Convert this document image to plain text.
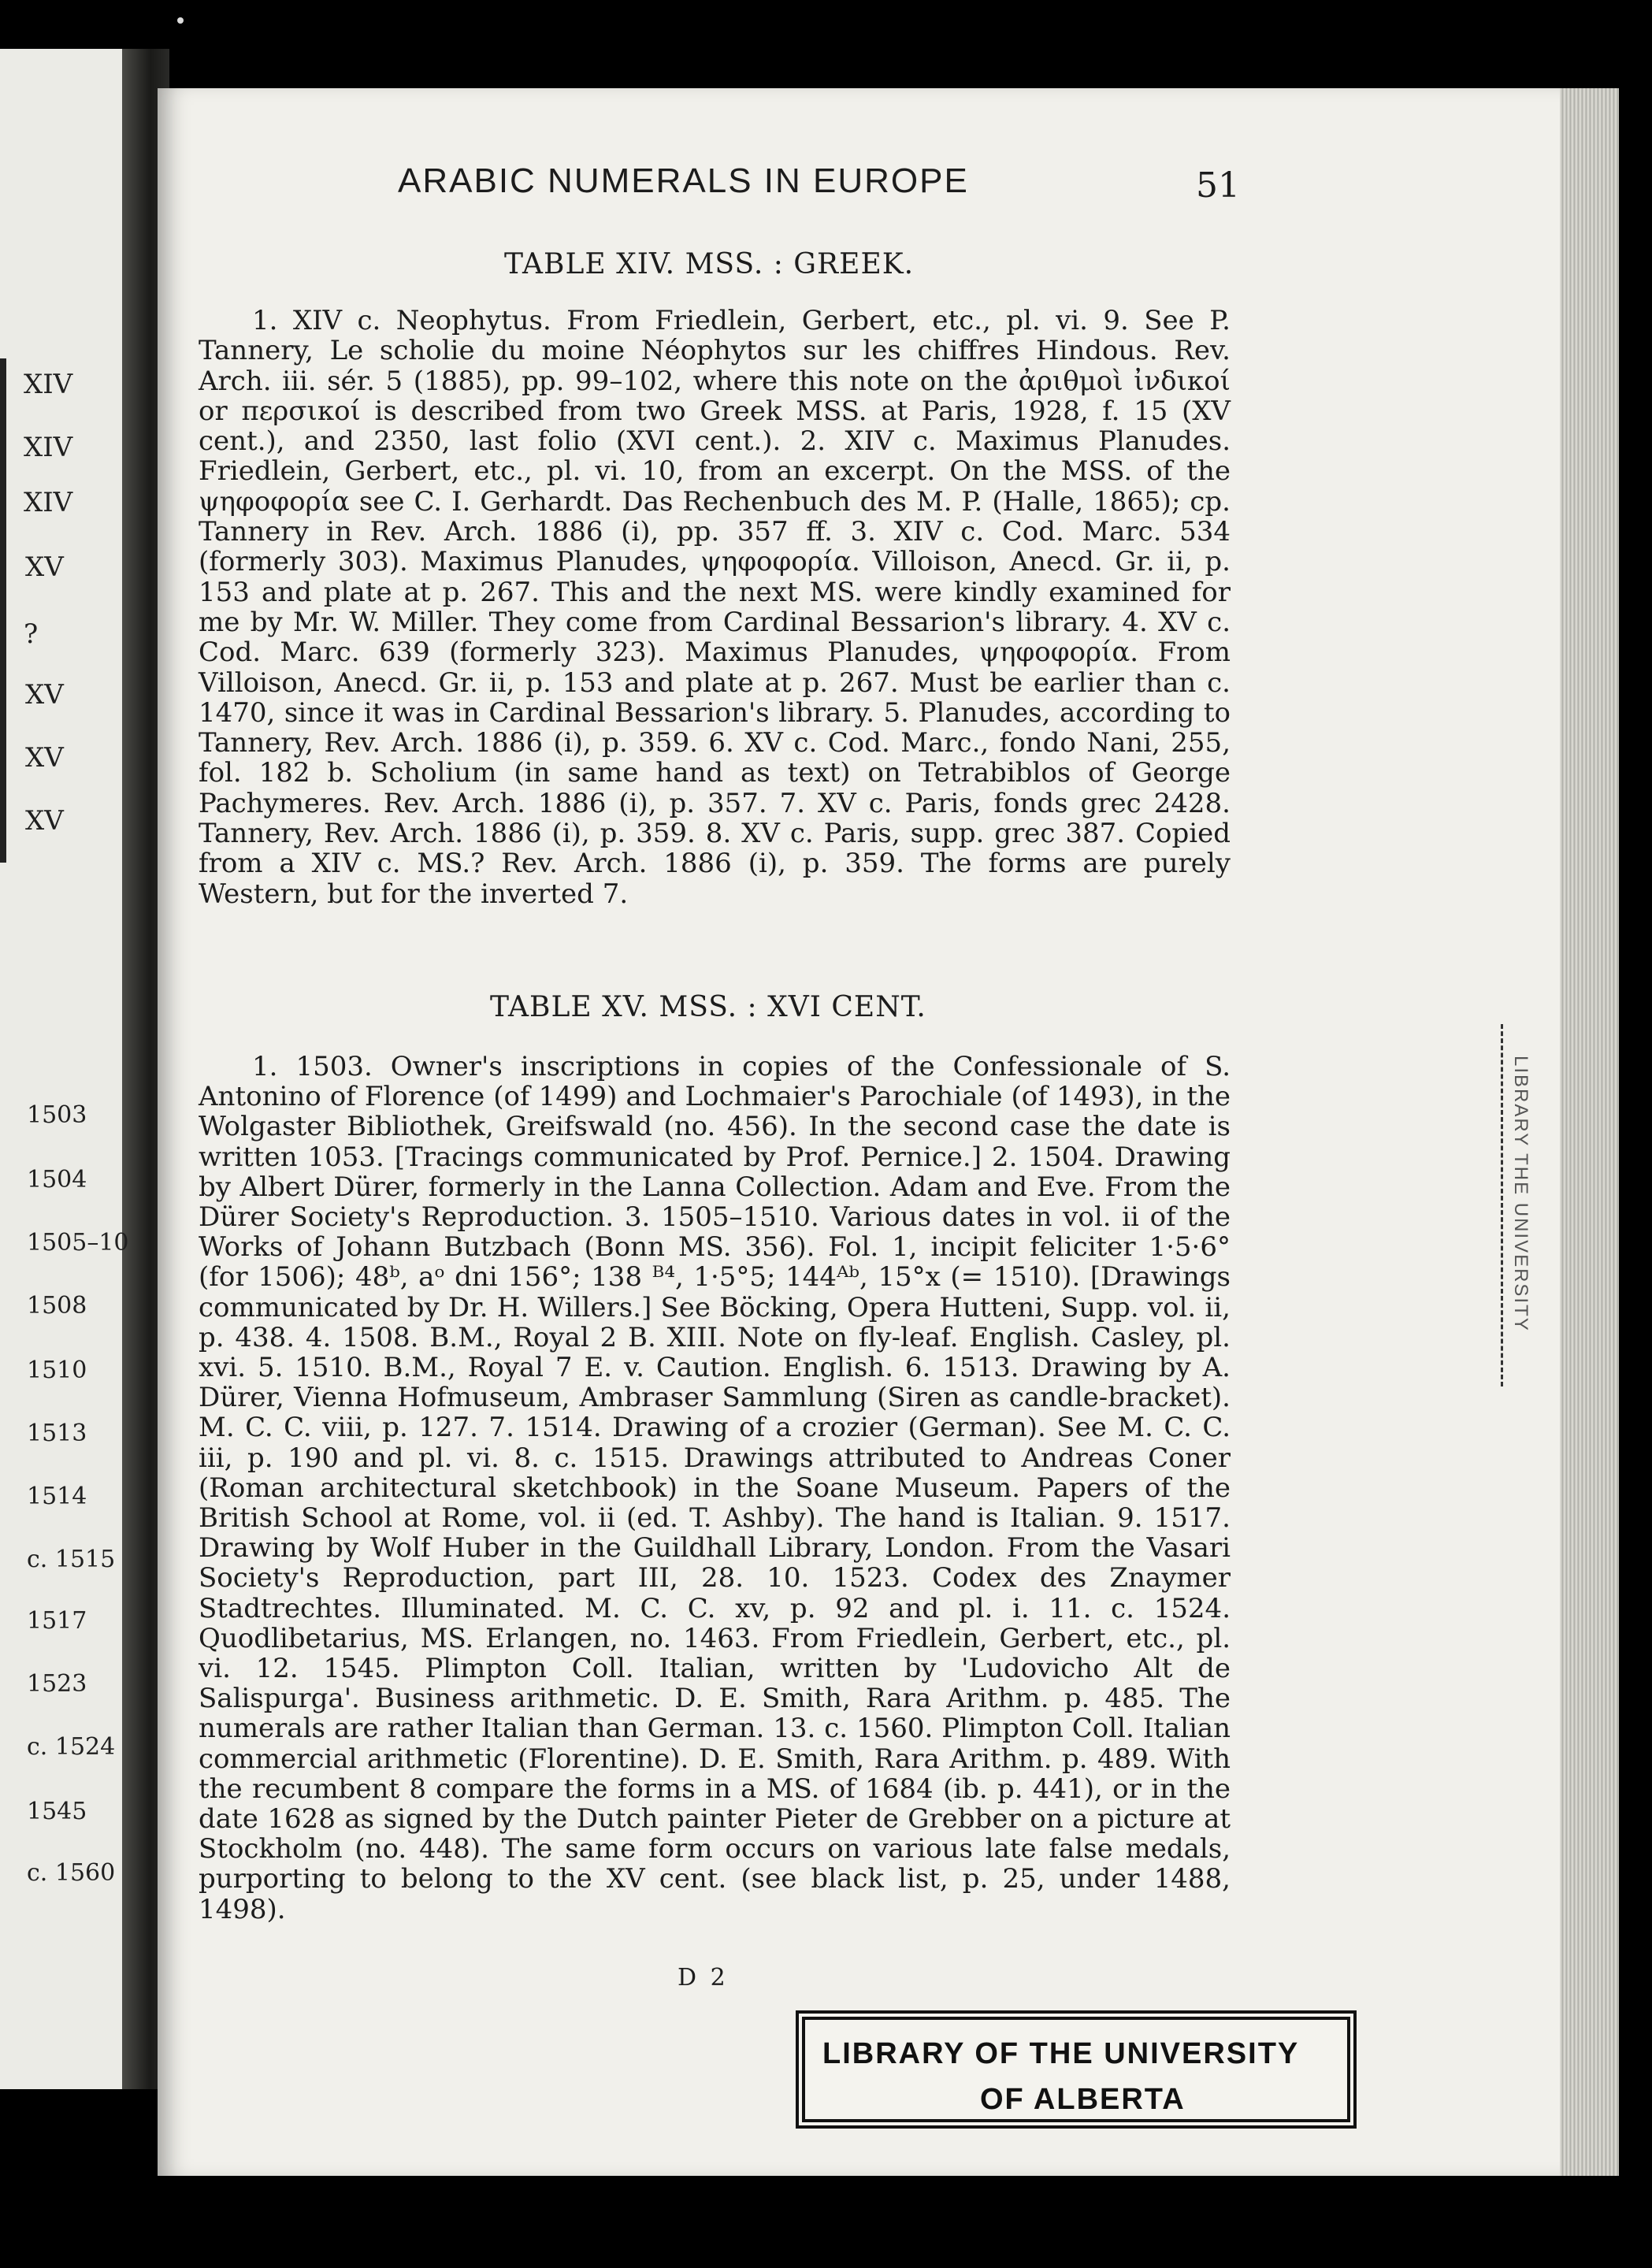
XIV
XIV
XIV
XV
?
XV
XV
XV
1503
1504
1505–10
1508
1510
1513
1514
c. 1515
1517
1523
c. 1524
1545
c. 1560
ARABIC NUMERALS IN EUROPE	51
TABLE XIV. MSS. : GREEK.
1. XIV c. Neophytus. From Friedlein, Gerbert, etc., pl. vi. 9. See P. Tannery, Le scholie du moine Néophytos sur les chiffres Hindous. Rev. Arch. iii. sér. 5 (1885), pp. 99–102, where this note on the ἀριθμοὶ ἰνδικοί or περσικοί is described from two Greek MSS. at Paris, 1928, f. 15 (XV cent.), and 2350, last folio (XVI cent.). 2. XIV c. Maximus Planudes. Friedlein, Gerbert, etc., pl. vi. 10, from an excerpt. On the MSS. of the ψηφοφορία see C. I. Gerhardt. Das Rechenbuch des M. P. (Halle, 1865); cp. Tannery in Rev. Arch. 1886 (i), pp. 357 ff. 3. XIV c. Cod. Marc. 534 (formerly 303). Maximus Planudes, ψηφοφορία. Villoison, Anecd. Gr. ii, p. 153 and plate at p. 267. This and the next MS. were kindly examined for me by Mr. W. Miller. They come from Cardinal Bessarion's library. 4. XV c. Cod. Marc. 639 (formerly 323). Maximus Planudes, ψηφοφορία. From Villoison, Anecd. Gr. ii, p. 153 and plate at p. 267. Must be earlier than c. 1470, since it was in Cardinal Bessarion's library. 5. Planudes, according to Tannery, Rev. Arch. 1886 (i), p. 359. 6. XV c. Cod. Marc., fondo Nani, 255, fol. 182 b. Scholium (in same hand as text) on Tetrabiblos of George Pachymeres. Rev. Arch. 1886 (i), p. 357. 7. XV c. Paris, fonds grec 2428. Tannery, Rev. Arch. 1886 (i), p. 359. 8. XV c. Paris, supp. grec 387. Copied from a XIV c. MS.? Rev. Arch. 1886 (i), p. 359. The forms are purely Western, but for the inverted 7.
TABLE XV. MSS. : XVI CENT.
1. 1503. Owner's inscriptions in copies of the Confessionale of S. Antonino of Florence (of 1499) and Lochmaier's Parochiale (of 1493), in the Wolgaster Bibliothek, Greifswald (no. 456). In the second case the date is written 1053. [Tracings communicated by Prof. Pernice.] 2. 1504. Drawing by Albert Dürer, formerly in the Lanna Collection. Adam and Eve. From the Dürer Society's Reproduction. 3. 1505–1510. Various dates in vol. ii of the Works of Johann Butzbach (Bonn MS. 356). Fol. 1, incipit feliciter 1·5·6° (for 1506); 48ᵇ, aᵒ dni 156°; 138 ᴮ⁴, 1·5°5; 144ᴬᵇ, 15°x (= 1510). [Drawings communicated by Dr. H. Willers.] See Böcking, Opera Hutteni, Supp. vol. ii, p. 438. 4. 1508. B.M., Royal 2 B. XIII. Note on fly-leaf. English. Casley, pl. xvi. 5. 1510. B.M., Royal 7 E. v. Caution. English. 6. 1513. Drawing by A. Dürer, Vienna Hofmuseum, Ambraser Sammlung (Siren as candle-bracket). M. C. C. viii, p. 127. 7. 1514. Drawing of a crozier (German). See M. C. C. iii, p. 190 and pl. vi. 8. c. 1515. Drawings attributed to Andreas Coner (Roman architectural sketchbook) in the Soane Museum. Papers of the British School at Rome, vol. ii (ed. T. Ashby). The hand is Italian. 9. 1517. Drawing by Wolf Huber in the Guildhall Library, London. From the Vasari Society's Reproduction, part III, 28. 10. 1523. Codex des Znaymer Stadtrechtes. Illuminated. M. C. C. xv, p. 92 and pl. i. 11. c. 1524. Quodlibetarius, MS. Erlangen, no. 1463. From Friedlein, Gerbert, etc., pl. vi. 12. 1545. Plimpton Coll. Italian, written by 'Ludovicho Alt de Salispurga'. Business arithmetic. D. E. Smith, Rara Arithm. p. 485. The numerals are rather Italian than German. 13. c. 1560. Plimpton Coll. Italian commercial arithmetic (Florentine). D. E. Smith, Rara Arithm. p. 489. With the recumbent 8 compare the forms in a MS. of 1684 (ib. p. 441), or in the date 1628 as signed by the Dutch painter Pieter de Grebber on a picture at Stockholm (no. 448). The same form occurs on various late false medals, purporting to belong to the XV cent. (see black list, p. 25, under 1488, 1498).
D 2
LIBRARY THE UNIVERSITY
LIBRARY OF THE UNIVERSITY
OF ALBERTA
